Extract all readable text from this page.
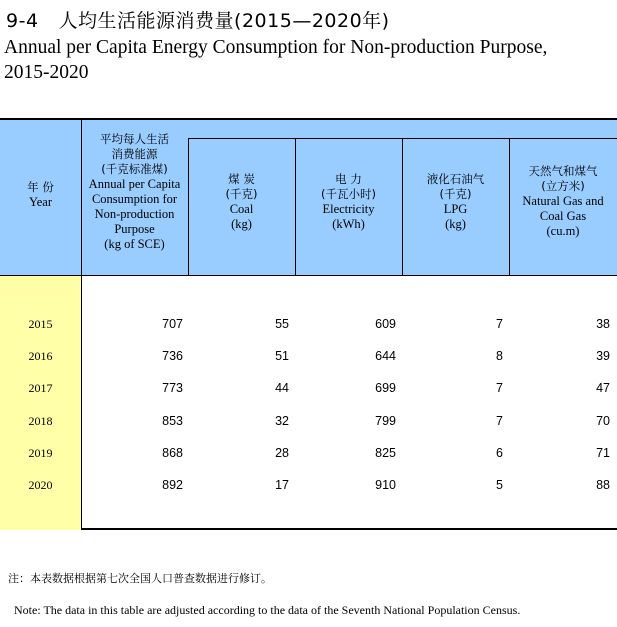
9-4 人均生活能源消费量(2015—2020年)
Annual per Capita Energy Consumption for Non-production Purpose,
2015-2020
年 份
Year
平均每人生活
消费能源
(千克标准煤)
Annual per Capita
Consumption for
Non-production
Purpose
(kg of SCE)
煤 炭
(千克)
Coal
(kg)
电 力
(千瓦小时)
Electricity
(kWh)
液化石油气
(千克)
LPG
(kg)
天然气和煤气
(立方米)
Natural Gas and
Coal Gas
(cu.m)
2015	707	55	609	7	38
2016	736	51	644	8	39
2017	773	44	699	7	47
2018	853	32	799	7	70
2019	868	28	825	6	71
2020	892	17	910	5	88
注：本表数据根据第七次全国人口普查数据进行修订。
Note: The data in this table are adjusted according to the data of the Seventh National Population Census.
